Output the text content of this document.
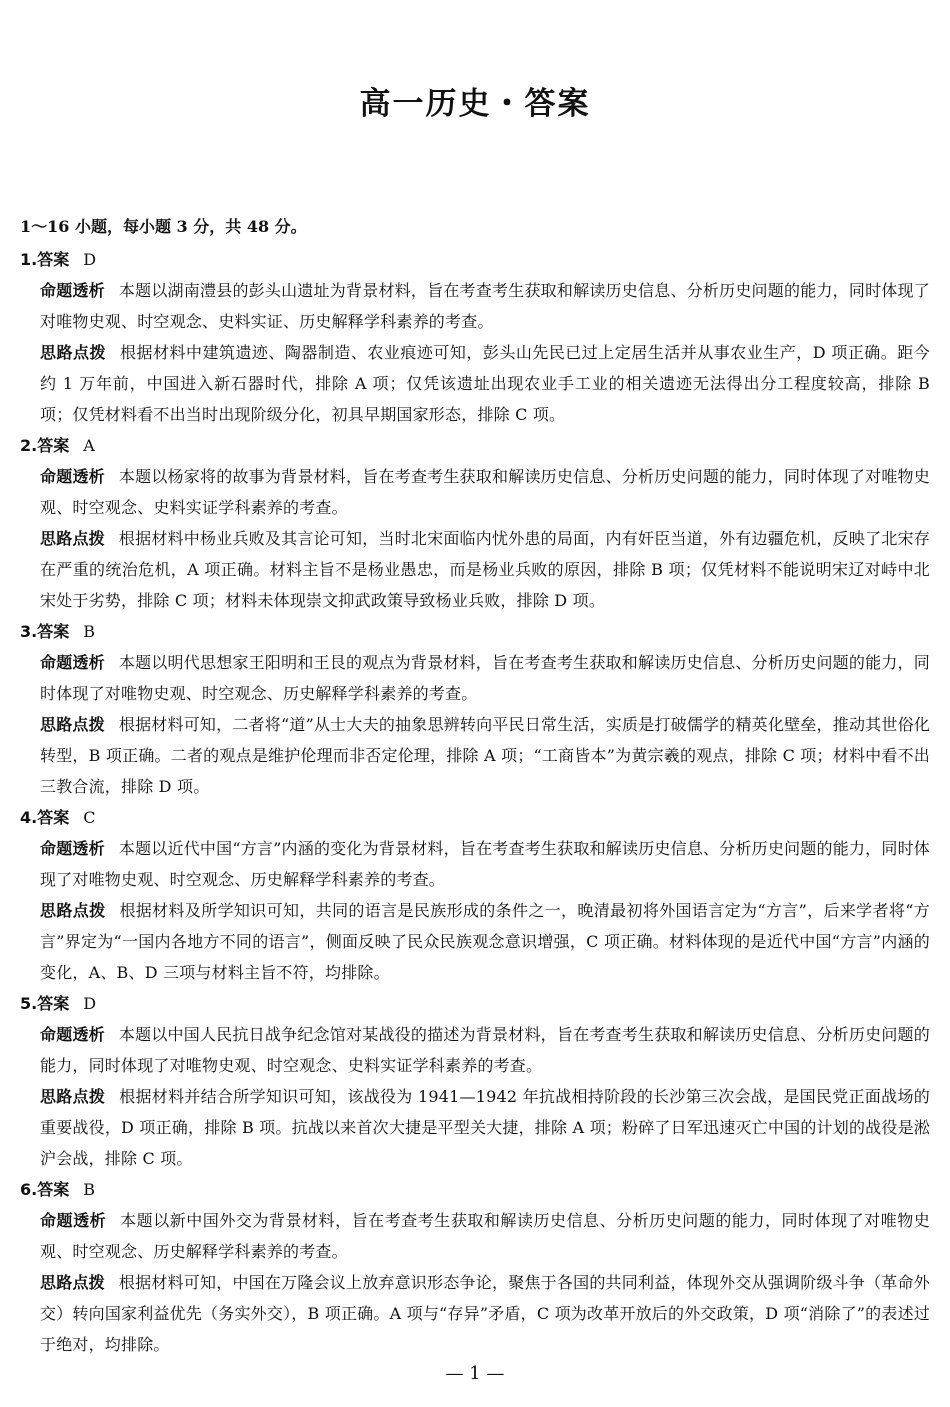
高一历史・答案
1～16 小题，每小题 3 分，共 48 分。
1.答案 D
命题透析 本题以湖南澧县的彭头山遗址为背景材料，旨在考查考生获取和解读历史信息、分析历史问题的能力，同时体现了对唯物史观、时空观念、史料实证、历史解释学科素养的考查。
思路点拨 根据材料中建筑遗迹、陶器制造、农业痕迹可知，彭头山先民已过上定居生活并从事农业生产，D 项正确。距今约 1 万年前，中国进入新石器时代，排除 A 项；仅凭该遗址出现农业手工业的相关遗迹无法得出分工程度较高，排除 B 项；仅凭材料看不出当时出现阶级分化，初具早期国家形态，排除 C 项。
2.答案 A
命题透析 本题以杨家将的故事为背景材料，旨在考查考生获取和解读历史信息、分析历史问题的能力，同时体现了对唯物史观、时空观念、史料实证学科素养的考查。
思路点拨 根据材料中杨业兵败及其言论可知，当时北宋面临内忧外患的局面，内有奸臣当道，外有边疆危机，反映了北宋存在严重的统治危机，A 项正确。材料主旨不是杨业愚忠，而是杨业兵败的原因，排除 B 项；仅凭材料不能说明宋辽对峙中北宋处于劣势，排除 C 项；材料未体现崇文抑武政策导致杨业兵败，排除 D 项。
3.答案 B
命题透析 本题以明代思想家王阳明和王艮的观点为背景材料，旨在考查考生获取和解读历史信息、分析历史问题的能力，同时体现了对唯物史观、时空观念、历史解释学科素养的考查。
思路点拨 根据材料可知，二者将“道”从士大夫的抽象思辨转向平民日常生活，实质是打破儒学的精英化壁垒，推动其世俗化转型，B 项正确。二者的观点是维护伦理而非否定伦理，排除 A 项；“工商皆本”为黄宗羲的观点，排除 C 项；材料中看不出三教合流，排除 D 项。
4.答案 C
命题透析 本题以近代中国“方言”内涵的变化为背景材料，旨在考查考生获取和解读历史信息、分析历史问题的能力，同时体现了对唯物史观、时空观念、历史解释学科素养的考查。
思路点拨 根据材料及所学知识可知，共同的语言是民族形成的条件之一，晚清最初将外国语言定为“方言”，后来学者将“方言”界定为“一国内各地方不同的语言”，侧面反映了民众民族观念意识增强，C 项正确。材料体现的是近代中国“方言”内涵的变化，A、B、D 三项与材料主旨不符，均排除。
5.答案 D
命题透析 本题以中国人民抗日战争纪念馆对某战役的描述为背景材料，旨在考查考生获取和解读历史信息、分析历史问题的能力，同时体现了对唯物史观、时空观念、史料实证学科素养的考查。
思路点拨 根据材料并结合所学知识可知，该战役为 1941—1942 年抗战相持阶段的长沙第三次会战，是国民党正面战场的重要战役，D 项正确，排除 B 项。抗战以来首次大捷是平型关大捷，排除 A 项；粉碎了日军迅速灭亡中国的计划的战役是淞沪会战，排除 C 项。
6.答案 B
命题透析 本题以新中国外交为背景材料，旨在考查考生获取和解读历史信息、分析历史问题的能力，同时体现了对唯物史观、时空观念、历史解释学科素养的考查。
思路点拨 根据材料可知，中国在万隆会议上放弃意识形态争论，聚焦于各国的共同利益，体现外交从强调阶级斗争（革命外交）转向国家利益优先（务实外交），B 项正确。A 项与“存异”矛盾，C 项为改革开放后的外交政策，D 项“消除了”的表述过于绝对，均排除。
— 1 —
